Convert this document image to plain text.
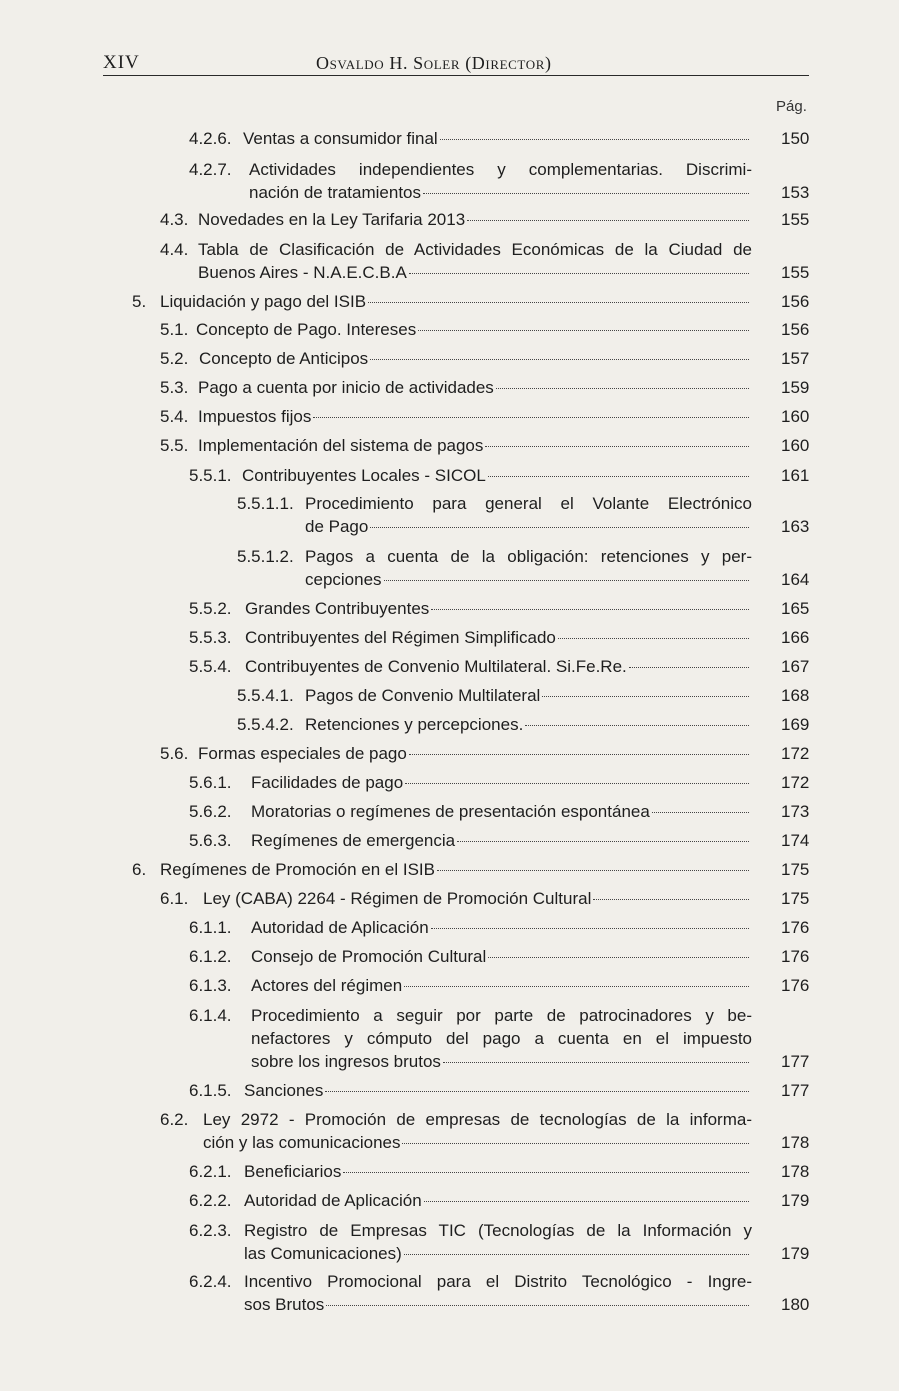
XIV	Osvaldo H. Soler (Director)
Pág.
4.2.6. Ventas a consumidor final	150
4.2.7. Actividades independientes y complementarias. Discrimi-
nación de tratamientos	153
4.3. Novedades en la Ley Tarifaria 2013	155
4.4. Tabla de Clasificación de Actividades Económicas de la Ciudad de
Buenos Aires - N.A.E.C.B.A	155
5. Liquidación y pago del ISIB	156
5.1. Concepto de Pago. Intereses	156
5.2. Concepto de Anticipos	157
5.3. Pago a cuenta por inicio de actividades	159
5.4. Impuestos fijos	160
5.5. Implementación del sistema de pagos	160
5.5.1. Contribuyentes Locales - SICOL	161
5.5.1.1. Procedimiento para general el Volante Electrónico
de Pago	163
5.5.1.2. Pagos a cuenta de la obligación: retenciones y per-
cepciones	164
5.5.2. Grandes Contribuyentes	165
5.5.3. Contribuyentes del Régimen Simplificado	166
5.5.4. Contribuyentes de Convenio Multilateral. Si.Fe.Re.	167
5.5.4.1. Pagos de Convenio Multilateral	168
5.5.4.2. Retenciones y percepciones.	169
5.6. Formas especiales de pago	172
5.6.1. Facilidades de pago	172
5.6.2. Moratorias o regímenes de presentación espontánea	173
5.6.3. Regímenes de emergencia	174
6. Regímenes de Promoción en el ISIB	175
6.1. Ley (CABA) 2264 - Régimen de Promoción Cultural	175
6.1.1. Autoridad de Aplicación	176
6.1.2. Consejo de Promoción Cultural	176
6.1.3. Actores del régimen	176
6.1.4. Procedimiento a seguir por parte de patrocinadores y be-
nefactores y cómputo del pago a cuenta en el impuesto
sobre los ingresos brutos	177
6.1.5. Sanciones	177
6.2. Ley 2972 - Promoción de empresas de tecnologías de la informa-
ción y las comunicaciones	178
6.2.1. Beneficiarios	178
6.2.2. Autoridad de Aplicación	179
6.2.3. Registro de Empresas TIC (Tecnologías de la Información y
las Comunicaciones)	179
6.2.4. Incentivo Promocional para el Distrito Tecnológico - Ingre-
sos Brutos	180
